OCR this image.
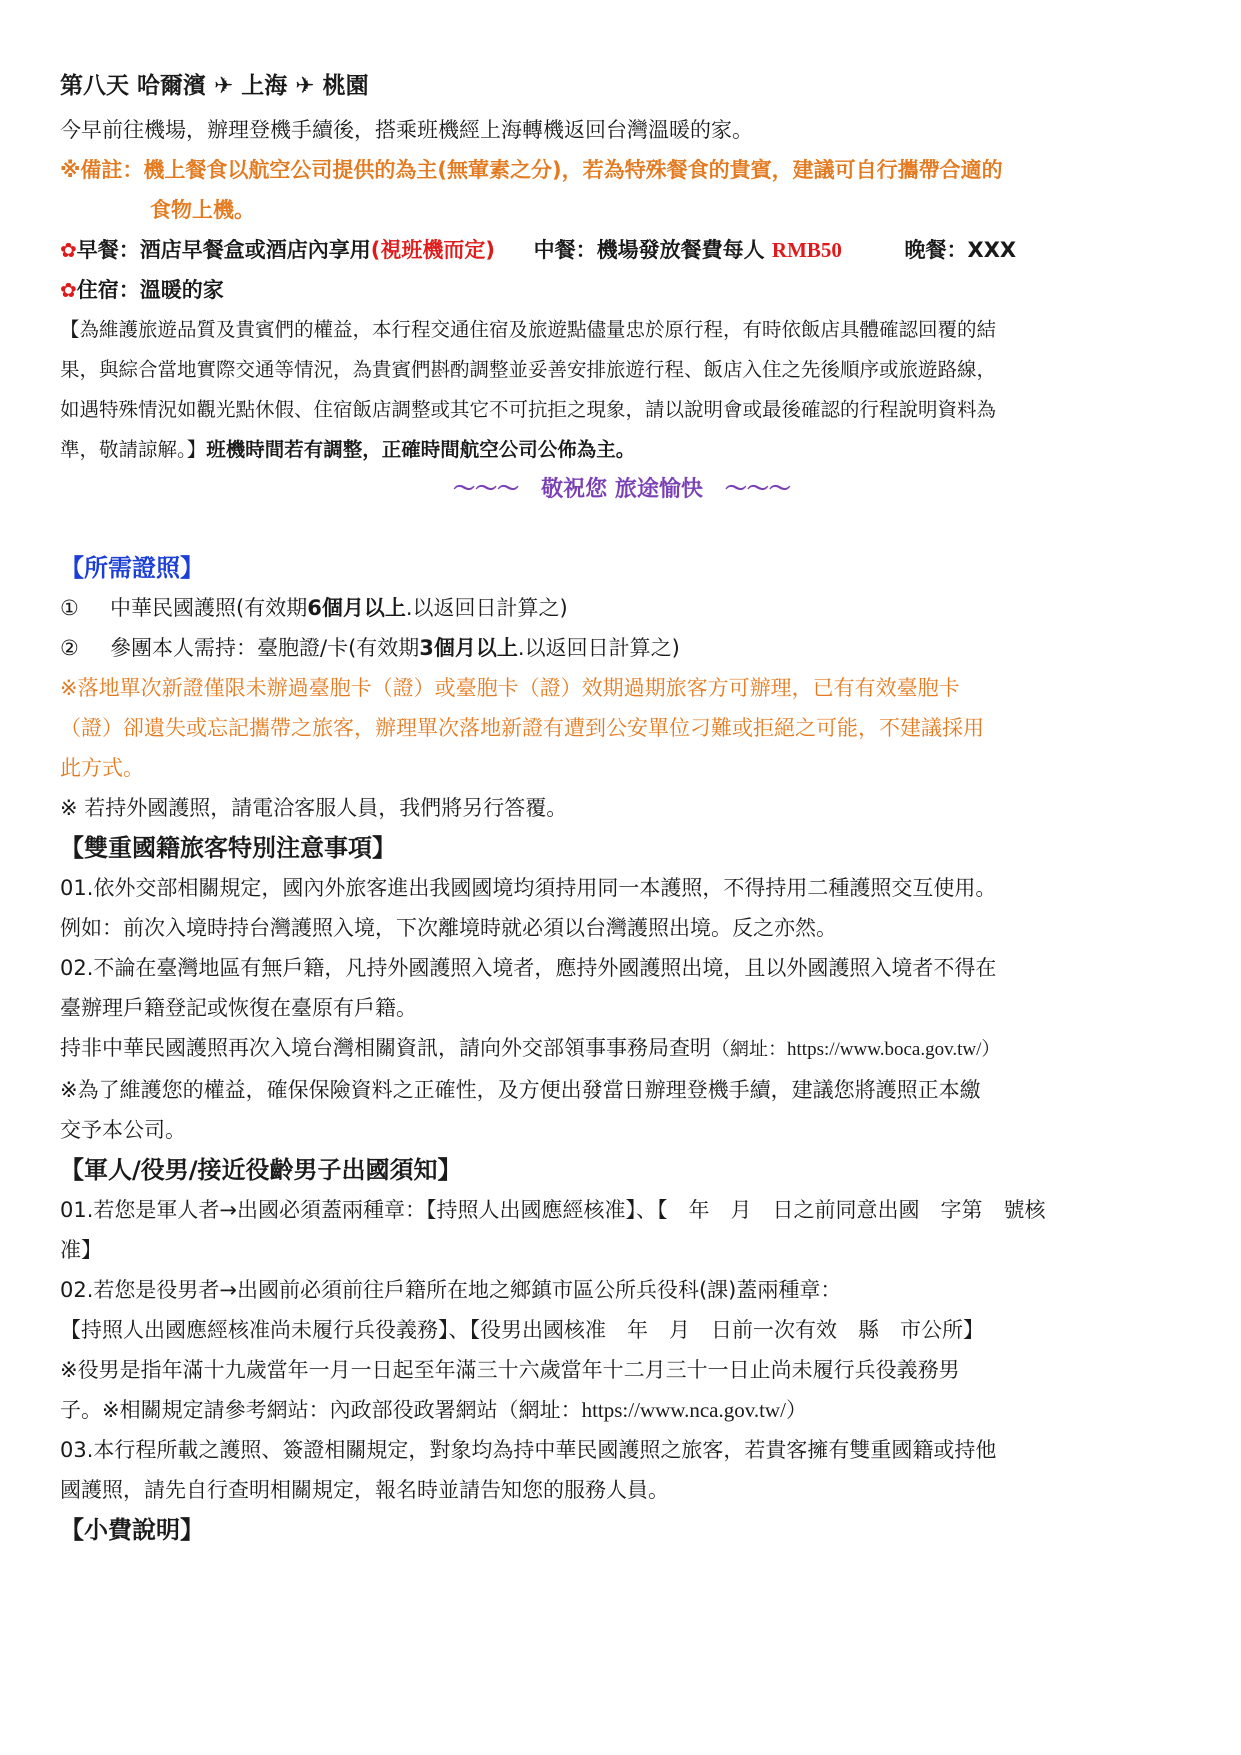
第八天 哈爾濱 ✈ 上海 ✈ 桃園
今早前往機場，辦理登機手續後，搭乘班機經上海轉機返回台灣溫暖的家。
※備註：機上餐食以航空公司提供的為主(無葷素之分)，若為特殊餐食的貴賓，建議可自行攜帶合適的
食物上機。
✿早餐：酒店早餐盒或酒店內享用(視班機而定) 中餐：機場發放餐費每人 RMB50	晚餐：XXX
✿住宿：溫暖的家
【為維護旅遊品質及貴賓們的權益，本行程交通住宿及旅遊點儘量忠於原行程，有時依飯店具體確認回覆的結
果，與綜合當地實際交通等情況，為貴賓們斟酌調整並妥善安排旅遊行程、飯店入住之先後順序或旅遊路線，
如遇特殊情況如觀光點休假、住宿飯店調整或其它不可抗拒之現象，請以說明會或最後確認的行程說明資料為
準，敬請諒解。】班機時間若有調整，正確時間航空公司公佈為主。
～～～　敬祝您 旅途愉快　～～～
【所需證照】
① 中華民國護照(有效期6個月以上.以返回日計算之)
② 參團本人需持：臺胞證/卡(有效期3個月以上.以返回日計算之)
※落地單次新證僅限未辦過臺胞卡（證）或臺胞卡（證）效期過期旅客方可辦理，已有有效臺胞卡
（證）卻遺失或忘記攜帶之旅客，辦理單次落地新證有遭到公安單位刁難或拒絕之可能，不建議採用
此方式。
※ 若持外國護照，請電洽客服人員，我們將另行答覆。
【雙重國籍旅客特別注意事項】
01.依外交部相關規定，國內外旅客進出我國國境均須持用同一本護照，不得持用二種護照交互使用。
例如：前次入境時持台灣護照入境，下次離境時就必須以台灣護照出境。反之亦然。
02.不論在臺灣地區有無戶籍，凡持外國護照入境者，應持外國護照出境，且以外國護照入境者不得在
臺辦理戶籍登記或恢復在臺原有戶籍。
持非中華民國護照再次入境台灣相關資訊，請向外交部領事事務局查明（網址：https://www.boca.gov.tw/）
※為了維護您的權益，確保保險資料之正確性，及方便出發當日辦理登機手續，建議您將護照正本繳
交予本公司。
【軍人/役男/接近役齡男子出國須知】
01.若您是軍人者→出國必須蓋兩種章：【持照人出國應經核准】、【　年　月　日之前同意出國　字第　號核
准】
02.若您是役男者→出國前必須前往戶籍所在地之鄉鎮市區公所兵役科(課)蓋兩種章：
【持照人出國應經核准尚未履行兵役義務】、【役男出國核准　年　月　日前一次有效　縣　市公所】
※役男是指年滿十九歲當年一月一日起至年滿三十六歲當年十二月三十一日止尚未履行兵役義務男
子。※相關規定請參考網站：內政部役政署網站（網址：https://www.nca.gov.tw/）
03.本行程所載之護照、簽證相關規定，對象均為持中華民國護照之旅客，若貴客擁有雙重國籍或持他
國護照，請先自行查明相關規定，報名時並請告知您的服務人員。
【小費說明】
